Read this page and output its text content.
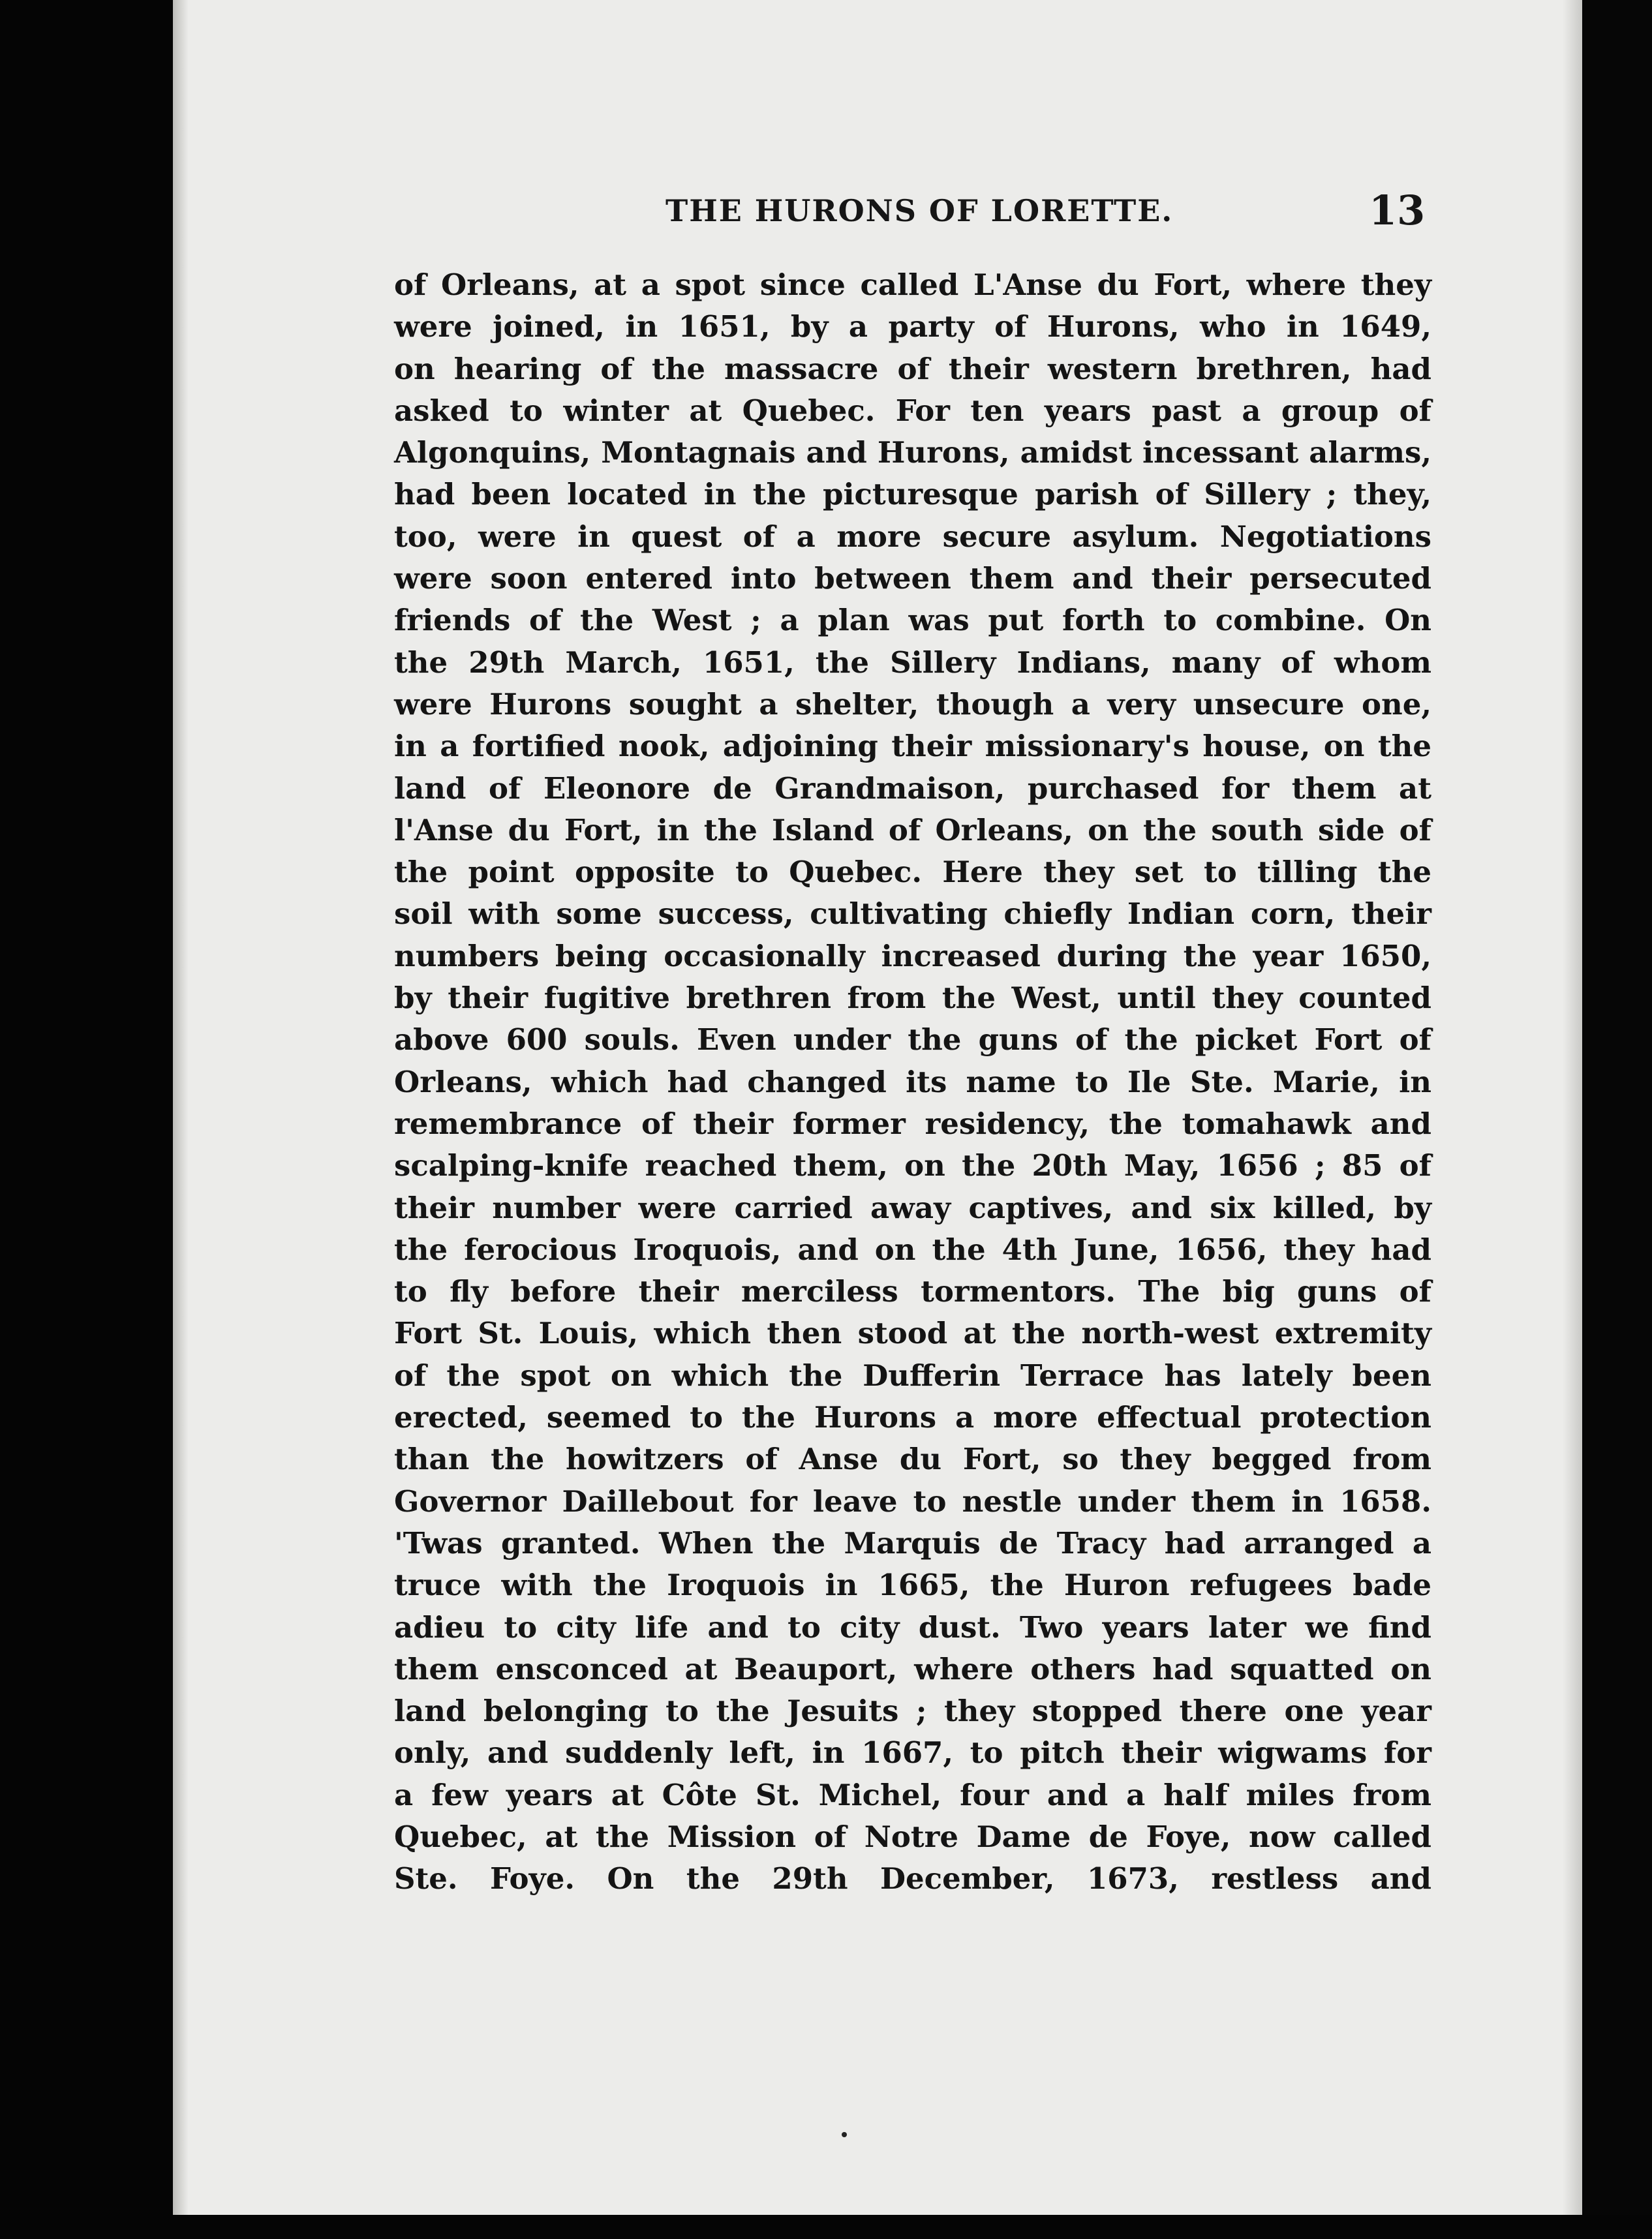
THE HURONS OF LORETTE.	13
of Orleans, at a spot since called L'Anse du Fort, where they
were joined, in 1651, by a party of Hurons, who in 1649,
on hearing of the massacre of their western brethren, had
asked to winter at Quebec. For ten years past a group of
Algonquins, Montagnais and Hurons, amidst incessant alarms,
had been located in the picturesque parish of Sillery ; they,
too, were in quest of a more secure asylum. Negotiations
were soon entered into between them and their persecuted
friends of the West ; a plan was put forth to combine. On
the 29th March, 1651, the Sillery Indians, many of whom
were Hurons sought a shelter, though a very unsecure one,
in a fortified nook, adjoining their missionary's house, on the
land of Eleonore de Grandmaison, purchased for them at
l'Anse du Fort, in the Island of Orleans, on the south side of
the point opposite to Quebec. Here they set to tilling the
soil with some success, cultivating chiefly Indian corn, their
numbers being occasionally increased during the year 1650,
by their fugitive brethren from the West, until they counted
above 600 souls. Even under the guns of the picket Fort of
Orleans, which had changed its name to Ile Ste. Marie, in
remembrance of their former residency, the tomahawk and
scalping-knife reached them, on the 20th May, 1656 ; 85 of
their number were carried away captives, and six killed, by
the ferocious Iroquois, and on the 4th June, 1656, they had
to fly before their merciless tormentors. The big guns of
Fort St. Louis, which then stood at the north-west extremity
of the spot on which the Dufferin Terrace has lately been
erected, seemed to the Hurons a more effectual protection
than the howitzers of Anse du Fort, so they begged from
Governor Daillebout for leave to nestle under them in 1658.
'Twas granted. When the Marquis de Tracy had arranged a
truce with the Iroquois in 1665, the Huron refugees bade
adieu to city life and to city dust. Two years later we find
them ensconced at Beauport, where others had squatted on
land belonging to the Jesuits ; they stopped there one year
only, and suddenly left, in 1667, to pitch their wigwams for
a few years at Côte St. Michel, four and a half miles from
Quebec, at the Mission of Notre Dame de Foye, now called
Ste. Foye. On the 29th December, 1673, restless and
